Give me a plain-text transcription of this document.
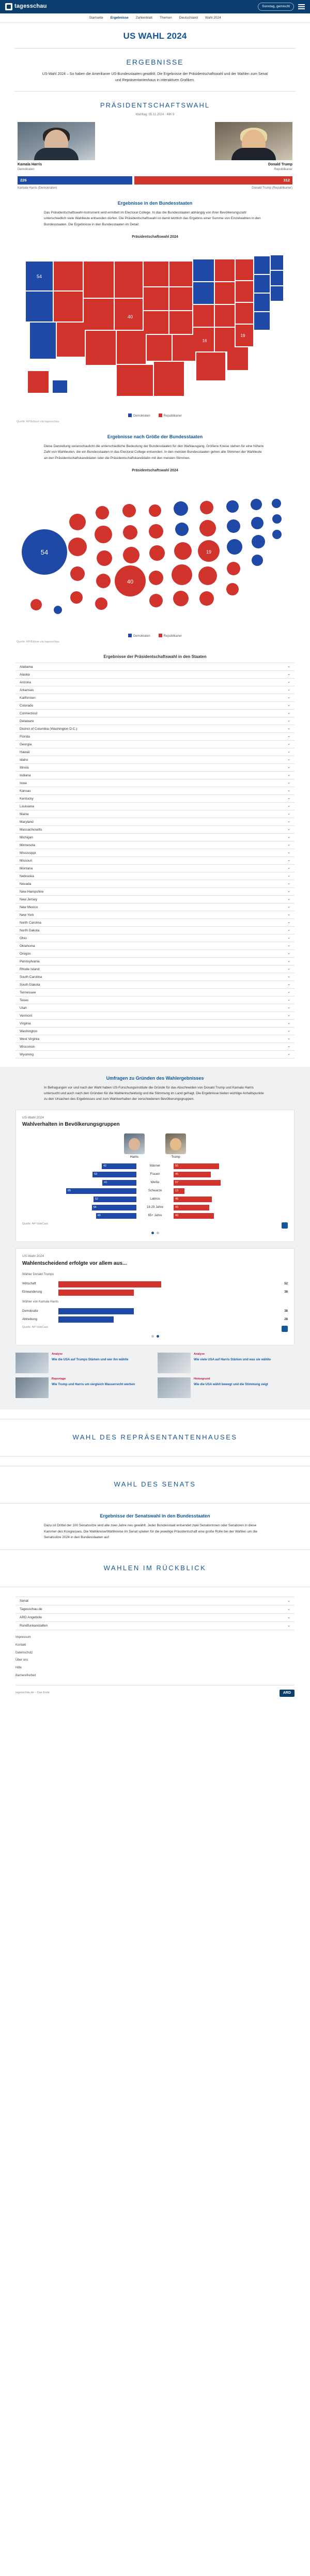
tagesschau	Sonntag, gemischt
Startseite Ergebnisse Zahlenblatt Themen Deutschland Wahl 2024
US WAHL 2024
ERGEBNISSE

US-Wahl 2024 – So haben die Amerikaner US-Bundesstaaten gewählt: Die Ergebnisse der Präsidentschaftswahl und der Wahlen zum Senat und Repräsentantenhaus in interaktiven Grafiken.

PRÄSIDENTSCHAFTSWAHL
Wahltag: 05.11.2024 · 48h 9
Kamala Harris
Demokraten
Donald Trump
Republikaner
226	312
Kamala Harris (Demokraten)	Donald Trump (Republikaner)
Ergebnisse in den Bundesstaaten

Das Präsidentschaftswahl-Instrument wird ermittelt im Electoral College. In das die Bundesstaaten abhängig von ihrer Bevölkerungszahl unterschiedlich viele Wahlleute entsenden dürfen. Die Präsidentschaftswahl ist damit letztlich das Ergebnis einer Summe von Einzelwahlen in den Bundesstaaten. Die Ergebnisse in den Bundesstaaten im Detail:

Präsidentschaftswahl 2024
54
40
16
19
Demokraten	Republikaner
Quelle: AP/Edison via tagesschau
Ergebnisse nach Größe der Bundesstaaten

Diese Darstellung veranschaulicht die unterschiedliche Bedeutung der Bundesstaaten für den Wahlausgang. Größere Kreise stehen für eine höhere Zahl von Wahlleuten, die ein Bundesstaaten in das Electoral College entsenden. In den meisten Bundesstaaten gehen alle Stimmen der Wahlleute an den Präsidentschaftskandidaten oder die Präsidentschaftskandidatin mit den meisten Stimmen.

Präsidentschaftswahl 2024
54
40
19
Demokraten	Republikaner
Quelle: AP/Edison via tagesschau
Ergebnisse der Präsidentschaftswahl in den Staaten
Alabama	⌄
Alaska	⌄
Arizona	⌄
Arkansas	⌄
Kalifornien	⌄
Colorado	⌄
Connecticut	⌄
Delaware	⌄
District of Columbia (Washington D.C.)	⌄
Florida	⌄
Georgia	⌄
Hawaii	⌄
Idaho	⌄
Illinois	⌄
Indiana	⌄
Iowa	⌄
Kansas	⌄
Kentucky	⌄
Louisiana	⌄
Maine	⌄
Maryland	⌄
Massachusetts	⌄
Michigan	⌄
Minnesota	⌄
Mississippi	⌄
Missouri	⌄
Montana	⌄
Nebraska	⌄
Nevada	⌄
New Hampshire	⌄
New Jersey	⌄
New Mexico	⌄
New York	⌄
North Carolina	⌄
North Dakota	⌄
Ohio	⌄
Oklahoma	⌄
Oregon	⌄
Pennsylvania	⌄
Rhode Island	⌄
South Carolina	⌄
South Dakota	⌄
Tennessee	⌄
Texas	⌄
Utah	⌄
Vermont	⌄
Virginia	⌄
Washington	⌄
West Virginia	⌄
Wisconsin	⌄
Wyoming	⌄
Umfragen zu Gründen des Wahlergebnisses

In Befragungen vor und nach der Wahl haben US-Forschungsinstitute die Gründe für das Abschneiden von Donald Trump und Kamala Harris untersucht und auch nach den Gründen für die Wahlentscheidung und die Stimmung im Land gefragt. Die Ergebnisse bieten wichtige Anhaltspunkte zu den Ursachen des Ergebnisses und zum Wahlverhalten der verschiedenen Bevölkerungsgruppen.

US-Wahl 2024
Wahlverhalten in Bevölkerungsgruppen
Harris	Trump
42	Männer	55
53	Frauen	45
41	Weiße	57
85	Schwarze	13
52	Latinos	46
54	18-29 Jahre	43
49	65+ Jahre	49
Quelle: AP VoteCast
US-Wahl 2024
Wahlentscheidend erfolgte vor allem aus...
Wähler Donald Trumps
Wirtschaft	52
Einwanderung	38
Wähler von Kamala Harris
Demokratie	38
Abtreibung	28
Quelle: AP VoteCast
Analyse
Wie die USA auf Trumps Stärken und wer ihn wählte
Analyse
Wie viele USA auf Harris Stärken und was sie wählte
Reportage
Wie Trump und Harris um vergleich Wasserrecht werben
Hintergrund
Wie die USA wählt bewegt und die Stimmung zeigt
WAHL DES REPRÄSENTANTENHAUSES
WAHL DES SENATS
Ergebnisse der Senatswahl in den Bundesstaaten

Dazu ist Drittel der 100 Senatssitze wird alle zwei Jahre neu gewählt. Jeder Bundesstaat entsendet zwei Senatorinnen oder Senatoren in diese Kammer des Kongresses. Die Wahlkreise/Wahlkreise im Senat spielen für die jeweilige Präsidentschaft eine große Rolle bei der Wahlen um die Senatssitze 2024 in den Bundesstaaten auf:

WAHLEN IM RÜCKBLICK
Senat	⌄
Tagesschau.de	⌄
ARD Angebote	⌄
Rundfunkanstalten	⌄
Impressum
Kontakt
Datenschutz
Über uns
Hilfe
Barrierefreiheit
tagesschau.de – Das Erste	ARD
